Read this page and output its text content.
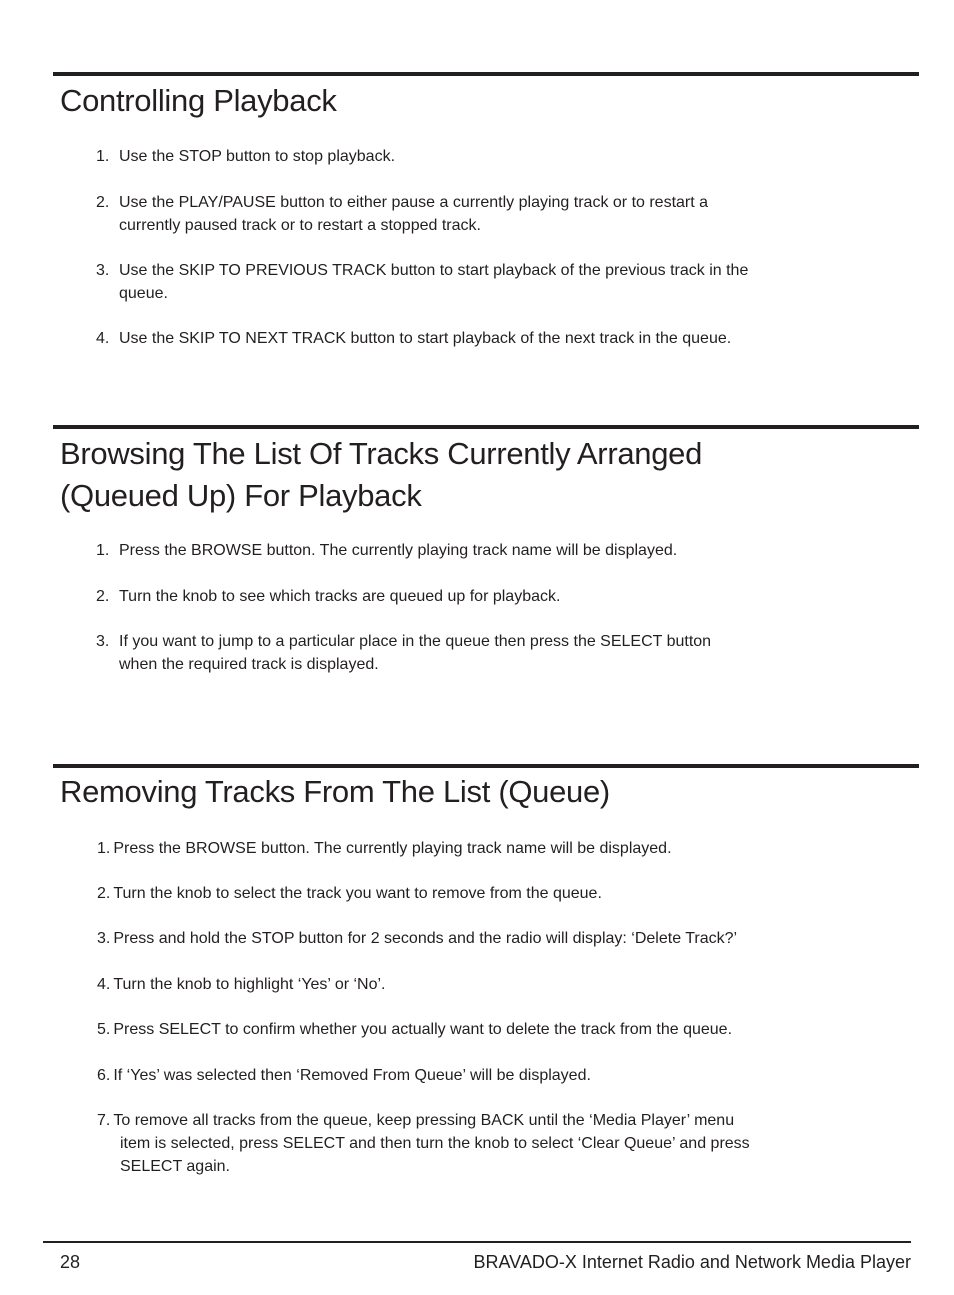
Controlling Playback
1. Use the STOP button to stop playback.
2. Use the PLAY/PAUSE button to either pause a currently playing track or to restart a
currently paused track or to restart a stopped track.
3. Use the SKIP TO PREVIOUS TRACK button to start playback of the previous track in the
queue.
4. Use the SKIP TO NEXT TRACK button to start playback of the next track in the queue.
Browsing The List Of Tracks Currently Arranged
(Queued Up) For Playback
1. Press the BROWSE button. The currently playing track name will be displayed.
2. Turn the knob to see which tracks are queued up for playback.
3. If you want to jump to a particular place in the queue then press the SELECT button
when the required track is displayed.
Removing Tracks From The List (Queue)
1. Press the BROWSE button. The currently playing track name will be displayed.
2. Turn the knob to select the track you want to remove from the queue.
3. Press and hold the STOP button for 2 seconds and the radio will display: ‘Delete Track?’
4. Turn the knob to highlight ‘Yes’ or ‘No’.
5. Press SELECT to confirm whether you actually want to delete the track from the queue.
6. If ‘Yes’ was selected then ‘Removed From Queue’ will be displayed.
7. To remove all tracks from the queue, keep pressing BACK until the ‘Media Player’ menu
item is selected, press SELECT and then turn the knob to select ‘Clear Queue’ and press
SELECT again.
28	BRAVADO-X Internet Radio and Network Media Player
